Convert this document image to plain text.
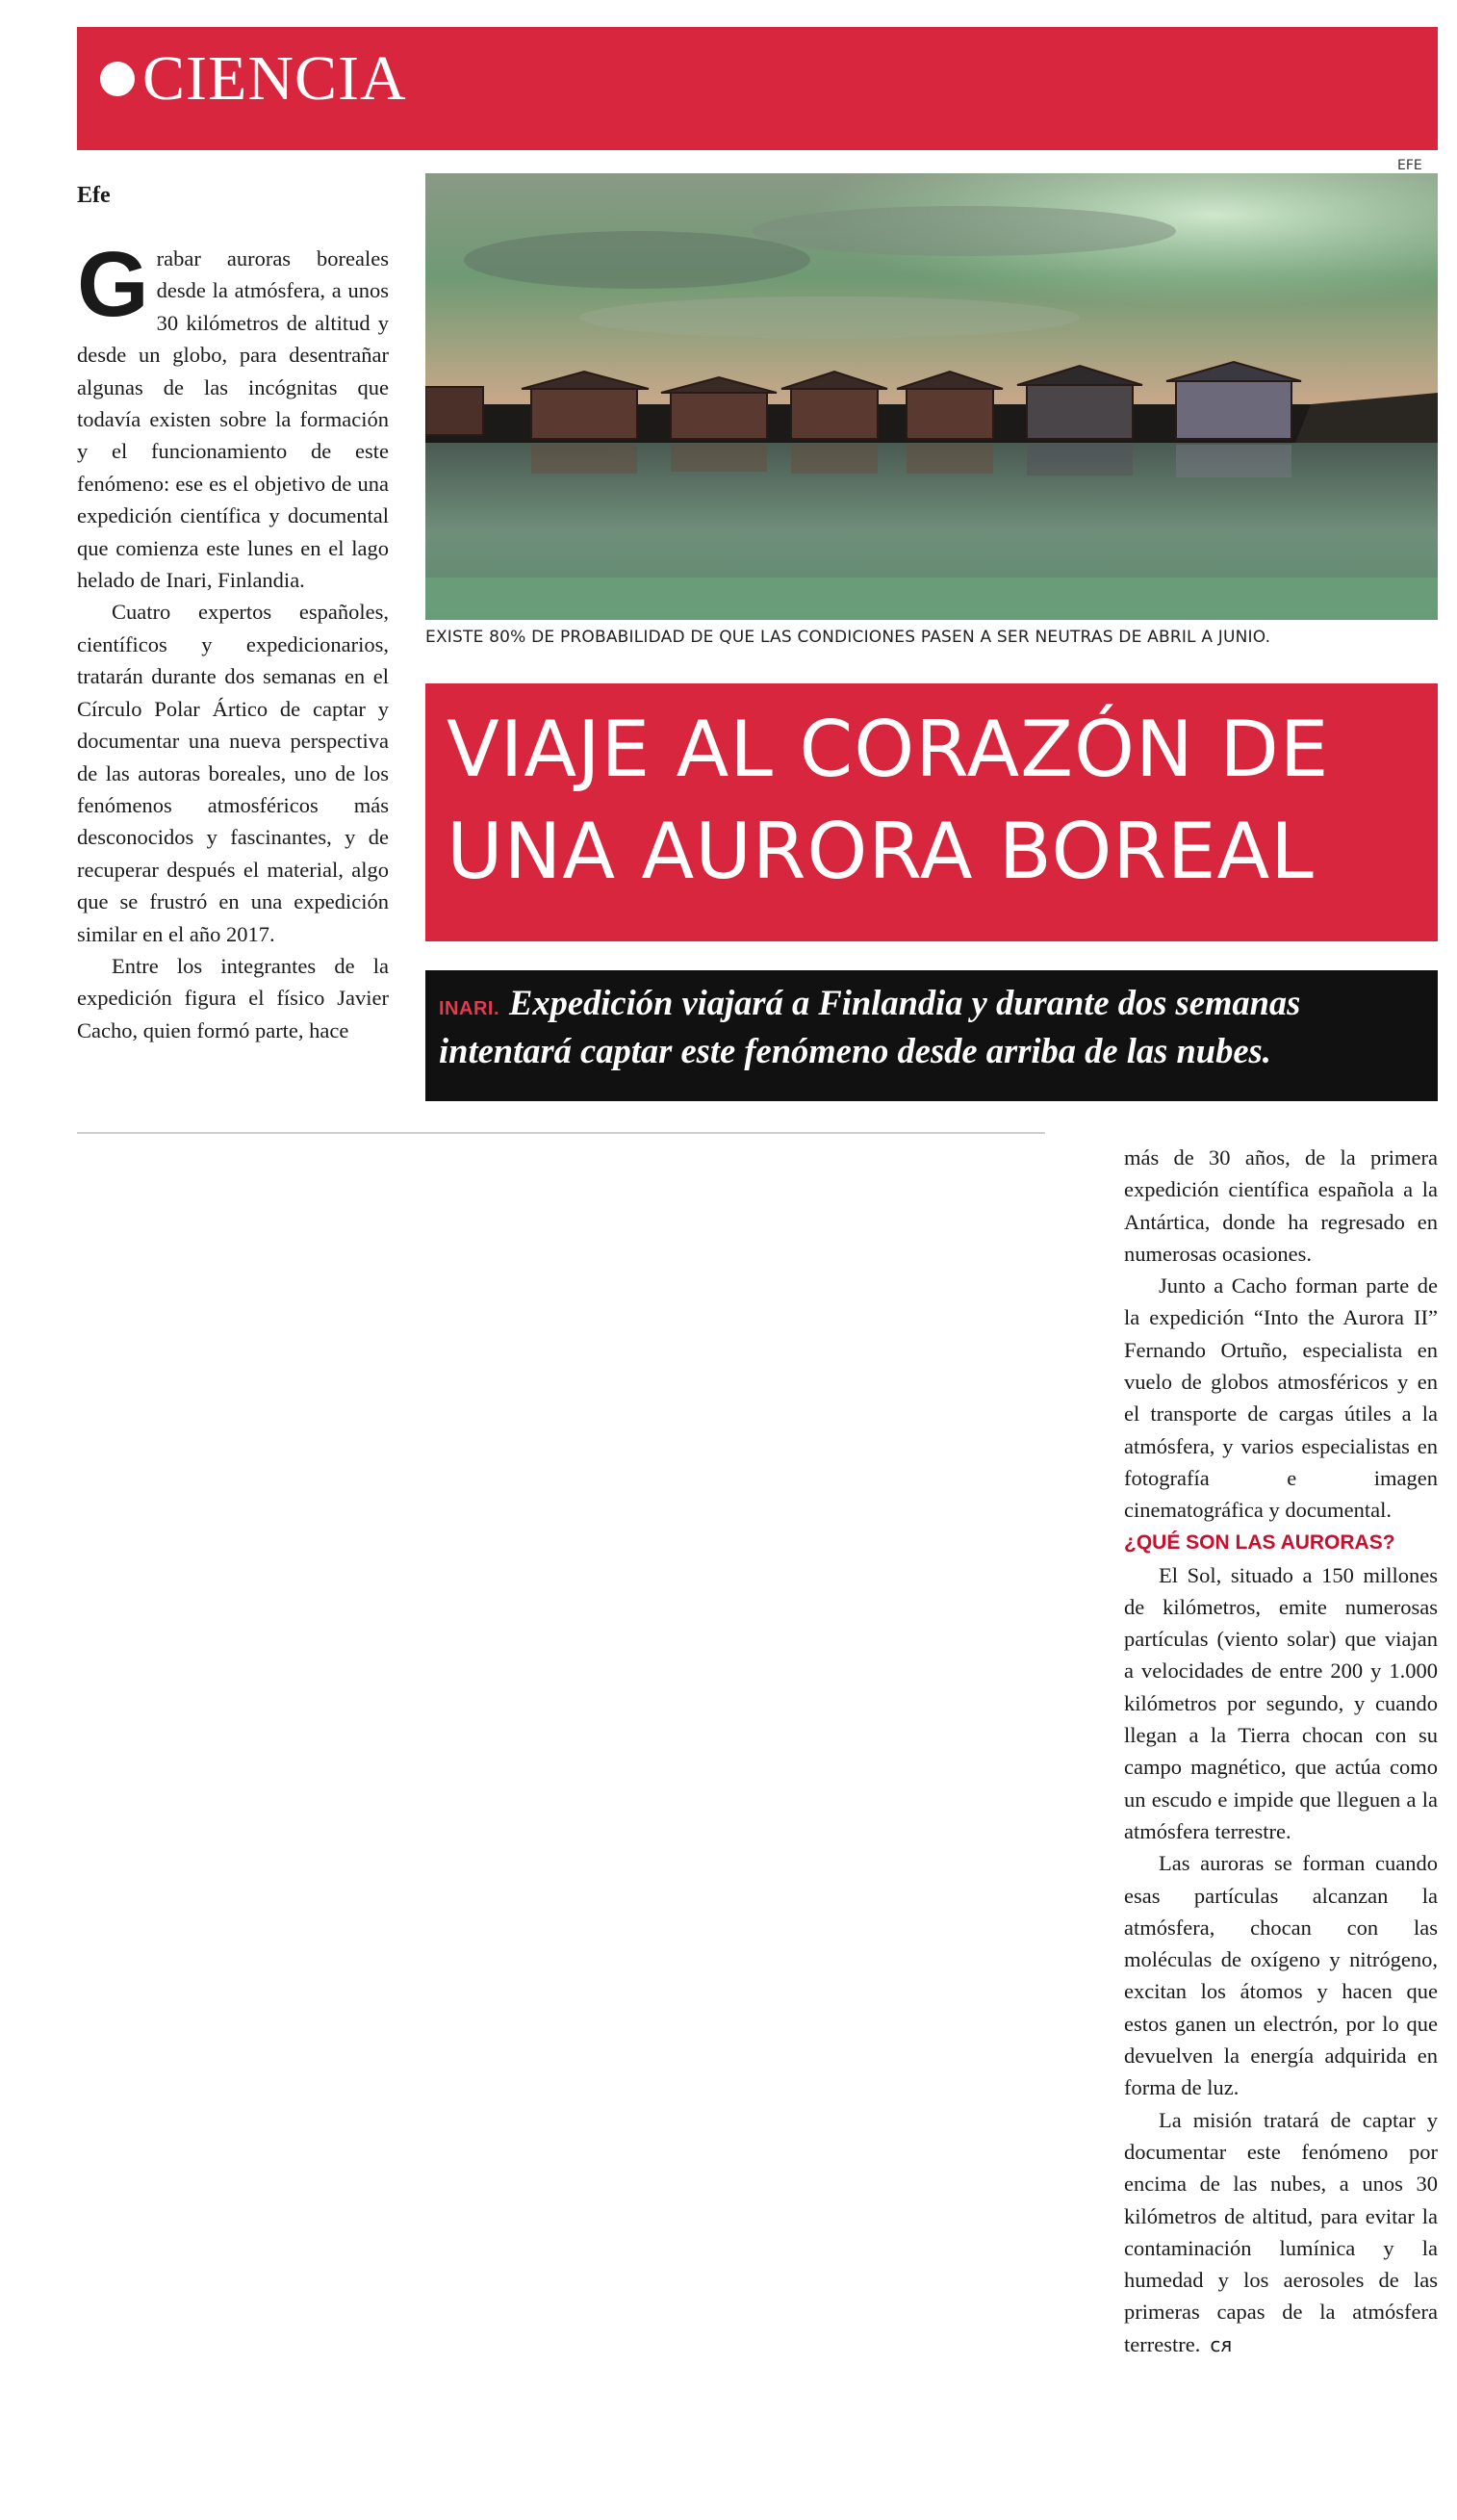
CIENCIA
Efe
EFE

Grabar auroras boreales desde la atmósfera, a unos 30 kilómetros de altitud y desde un globo, para desentrañar algunas de las incógnitas que todavía existen sobre la formación y el funcionamiento de este fenómeno: ese es el objetivo de una expedición científica y documental que comienza este lunes en el lago helado de Inari, Finlandia.

Cuatro expertos españoles, científicos y expedicionarios, tratarán durante dos semanas en el Círculo Polar Ártico de captar y documentar una nueva perspectiva de las autoras boreales, uno de los fenómenos atmosféricos más desconocidos y fascinantes, y de recuperar después el material, algo que se frustró en una expedición similar en el año 2017.

Entre los integrantes de la expedición figura el físico Javier Cacho, quien formó parte, hace

EXISTE 80% DE PROBABILIDAD DE QUE LAS CONDICIONES PASEN A SER NEUTRAS DE ABRIL A JUNIO.
VIAJE AL CORAZÓN DE UNA AURORA BOREAL
INARI. Expedición viajará a Finlandia y durante dos semanas intentará captar este fenómeno desde arriba de las nubes.

más de 30 años, de la primera expedición científica española a la Antártica, donde ha regresado en numerosas ocasiones.

Junto a Cacho forman parte de la expedición “Into the Aurora II” Fernando Ortuño, especialista en vuelo de globos atmosféricos y en el transporte de cargas útiles a la atmósfera, y varios especialistas en fotografía e imagen cinematográfica y documental.

¿QUÉ SON LAS AURORAS?

El Sol, situado a 150 millones de kilómetros, emite numerosas partículas (viento solar) que viajan a velocidades de entre 200 y 1.000 kilómetros por segundo, y cuando llegan a la Tierra chocan con su campo magnético, que actúa como un escudo e impide que lleguen a la atmósfera terrestre.

Las auroras se forman cuando esas partículas alcanzan la atmósfera, chocan con las moléculas de oxígeno y nitrógeno, excitan los átomos y hacen que estos ganen un electrón, por lo que devuelven la energía adquirida en forma de luz.

La misión tratará de captar y documentar este fenómeno por encima de las nubes, a unos 30 kilómetros de altitud, para evitar la contaminación lumínica y la humedad y los aerosoles de las primeras capas de la atmósfera terrestre. ᴄᴙ
